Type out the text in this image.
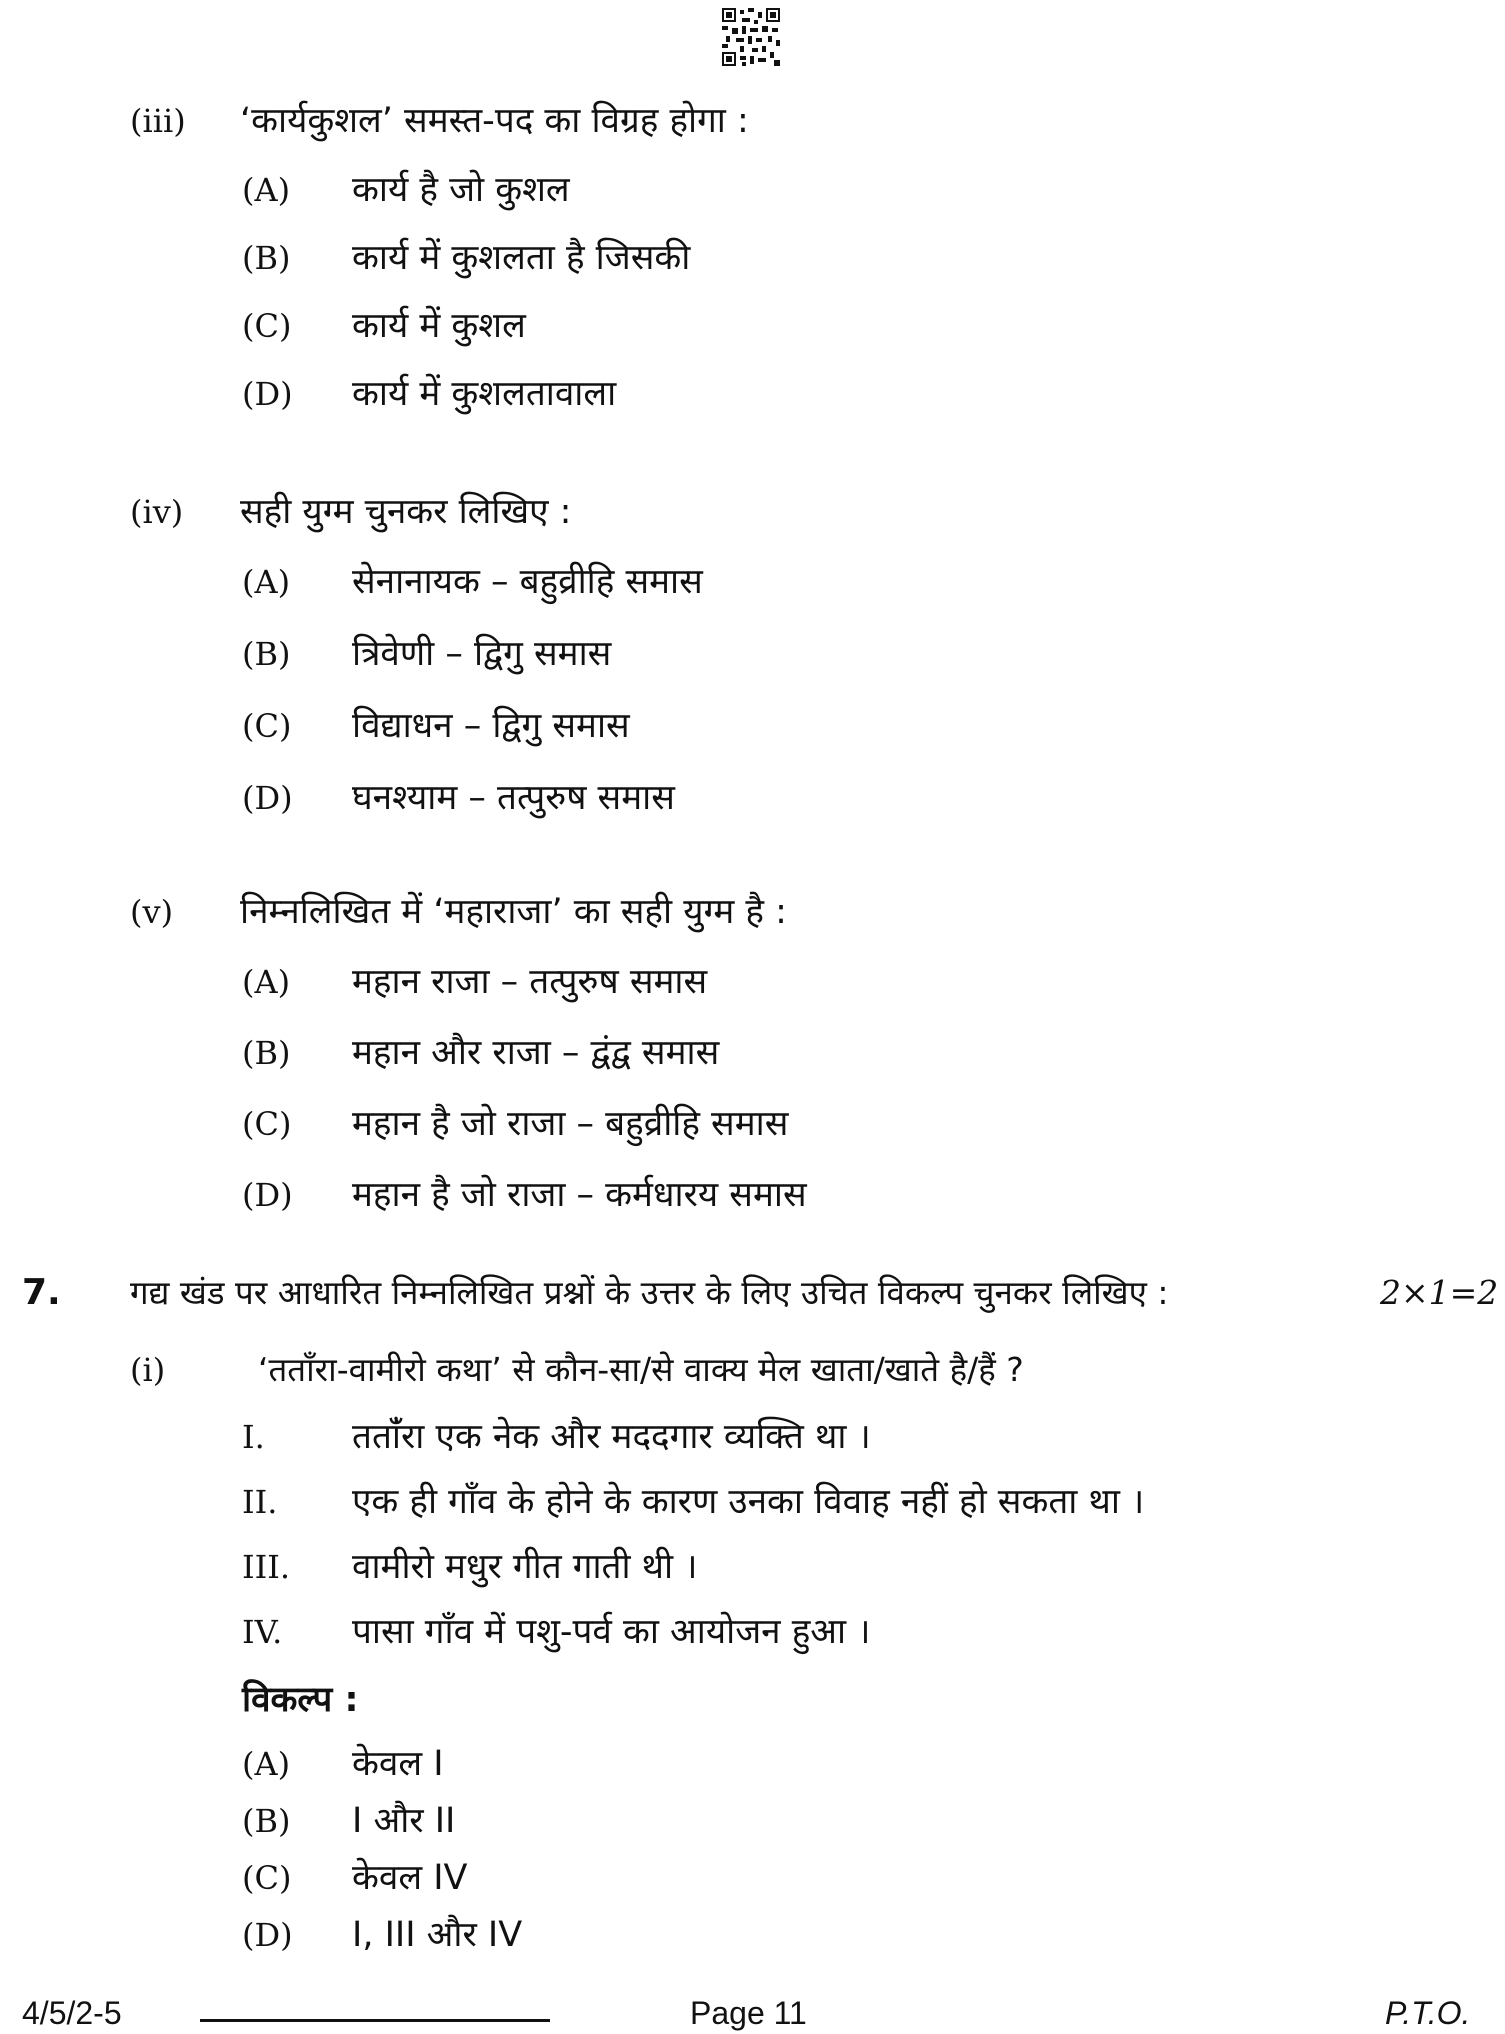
(iii) ‘कार्यकुशल’ समस्त-पद का विग्रह होगा :
(A) कार्य है जो कुशल
(B) कार्य में कुशलता है जिसकी
(C) कार्य में कुशल
(D) कार्य में कुशलतावाला
(iv) सही युग्म चुनकर लिखिए :
(A) सेनानायक – बहुव्रीहि समास
(B) त्रिवेणी – द्विगु समास
(C) विद्याधन – द्विगु समास
(D) घनश्याम – तत्पुरुष समास
(v) निम्नलिखित में ‘महाराजा’ का सही युग्म है :
(A) महान राजा – तत्पुरुष समास
(B) महान और राजा – द्वंद्व समास
(C) महान है जो राजा – बहुव्रीहि समास
(D) महान है जो राजा – कर्मधारय समास
7. गद्य खंड पर आधारित निम्नलिखित प्रश्नों के उत्तर के लिए उचित विकल्प चुनकर लिखिए :	2×1=2
(i)	‘तताँरा-वामीरो कथा’ से कौन-सा/से वाक्य मेल खाता/खाते है/हैं ?
I. ततांँरा एक नेक और मददगार व्यक्ति था ।
II. एक ही गाँव के होने के कारण उनका विवाह नहीं हो सकता था ।
III. वामीरो मधुर गीत गाती थी ।
IV. पासा गाँव में पशु-पर्व का आयोजन हुआ ।
विकल्प :
(A) केवल I
(B) I और II
(C) केवल IV
(D) I, III और IV
4/5/2-5	Page 11	P.T.O.
